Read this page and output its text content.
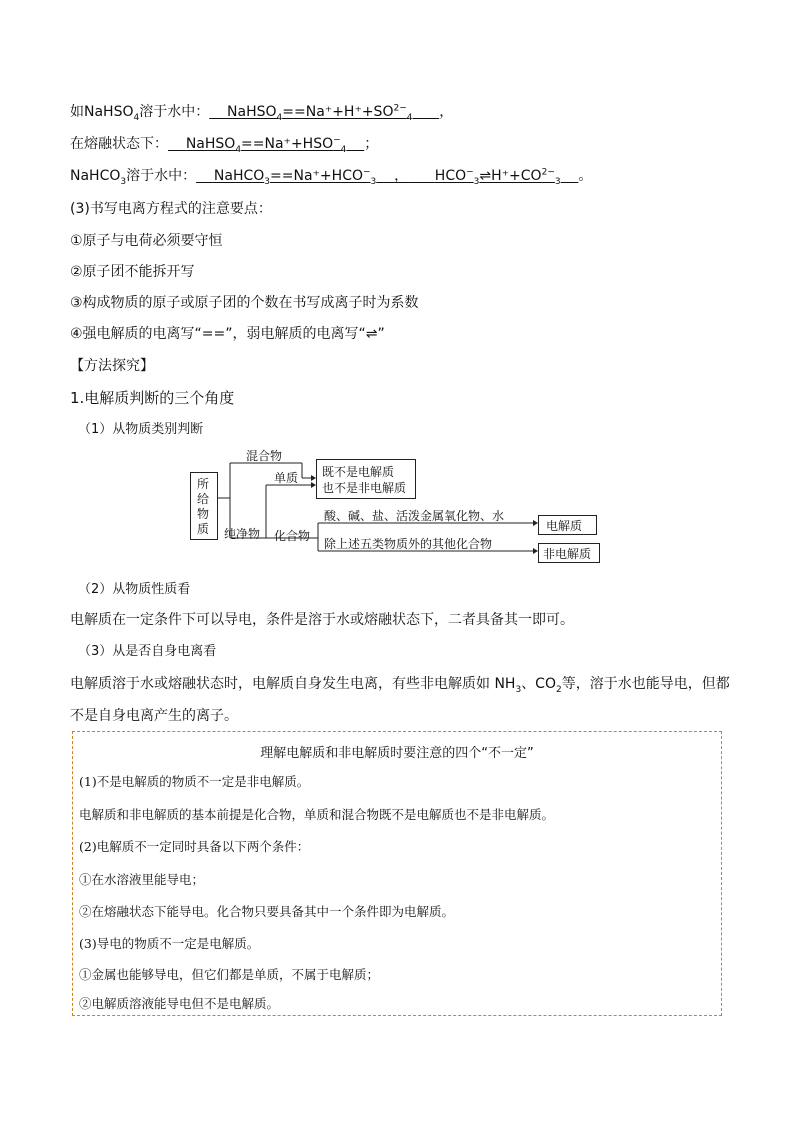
如NaHSO$_4$溶于水中： $NaHSO_4==Na^++H^++SO^{2-}_4$ ，
在熔融状态下： $NaHSO_4==Na^++HSO^-_4$ ；
NaHCO$_3$溶于水中： $NaHCO_3==Na^++HCO^-_3$ ， $HCO^-_3\rightleftharpoons H^++CO^{2-}_3$ 。
(3)书写电离方程式的注意要点：
①原子与电荷必须要守恒
②原子团不能拆开写
③构成物质的原子或原子团的个数在书写成离子时为系数
④强电解质的电离写“==”，弱电解质的电离写“⇌”
【方法探究】
1.电解质判断的三个角度
（1）从物质类别判断
所给物质
混合物
单质
纯净物 化合物
既不是电解质
也不是非电解质
酸、碱、盐、活泼金属氧化物、水
除上述五类物质外的其他化合物
电解质
非电解质
（2）从物质性质看
电解质在一定条件下可以导电，条件是溶于水或熔融状态下，二者具备其一即可。
（3）从是否自身电离看
电解质溶于水或熔融状态时，电解质自身发生电离，有些非电解质如 $NH_3$、$CO_2$等，溶于水也能导电，但都
不是自身电离产生的离子。
理解电解质和非电解质时要注意的四个“不一定”
(1)不是电解质的物质不一定是非电解质。
电解质和非电解质的基本前提是化合物，单质和混合物既不是电解质也不是非电解质。
(2)电解质不一定同时具备以下两个条件：
①在水溶液里能导电；
②在熔融状态下能导电。化合物只要具备其中一个条件即为电解质。
(3)导电的物质不一定是电解质。
①金属也能够导电，但它们都是单质，不属于电解质；
②电解质溶液能导电但不是电解质。
